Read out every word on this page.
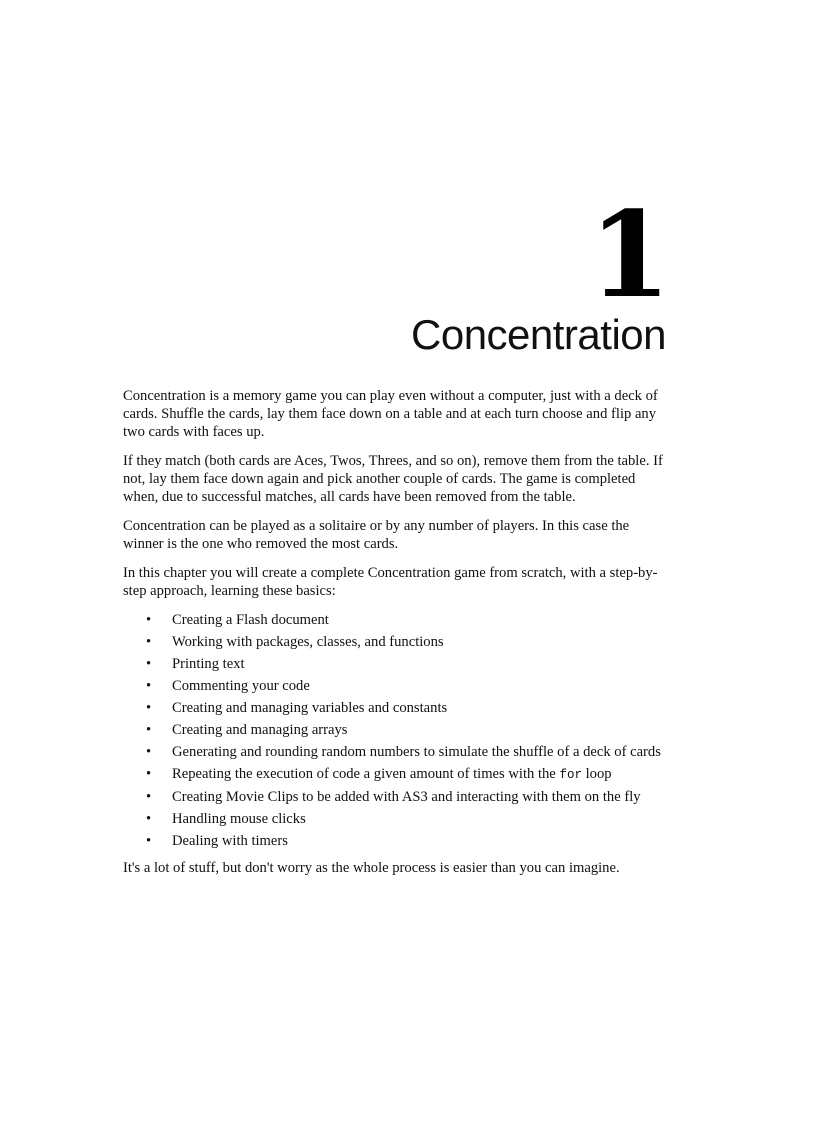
1
Concentration

Concentration is a memory game you can play even without a computer, just with a deck of cards. Shuffle the cards, lay them face down on a table and at each turn choose and flip any two cards with faces up.

If they match (both cards are Aces, Twos, Threes, and so on), remove them from the table. If not, lay them face down again and pick another couple of cards. The game is completed when, due to successful matches, all cards have been removed from the table.

Concentration can be played as a solitaire or by any number of players. In this case the winner is the one who removed the most cards.

In this chapter you will create a complete Concentration game from scratch, with a step-by-step approach, learning these basics:

• Creating a Flash document
• Working with packages, classes, and functions
• Printing text
• Commenting your code
• Creating and managing variables and constants
• Creating and managing arrays
• Generating and rounding random numbers to simulate the shuffle of a deck of cards
• Repeating the execution of code a given amount of times with the for loop
• Creating Movie Clips to be added with AS3 and interacting with them on the fly
• Handling mouse clicks
• Dealing with timers

It's a lot of stuff, but don't worry as the whole process is easier than you can imagine.
